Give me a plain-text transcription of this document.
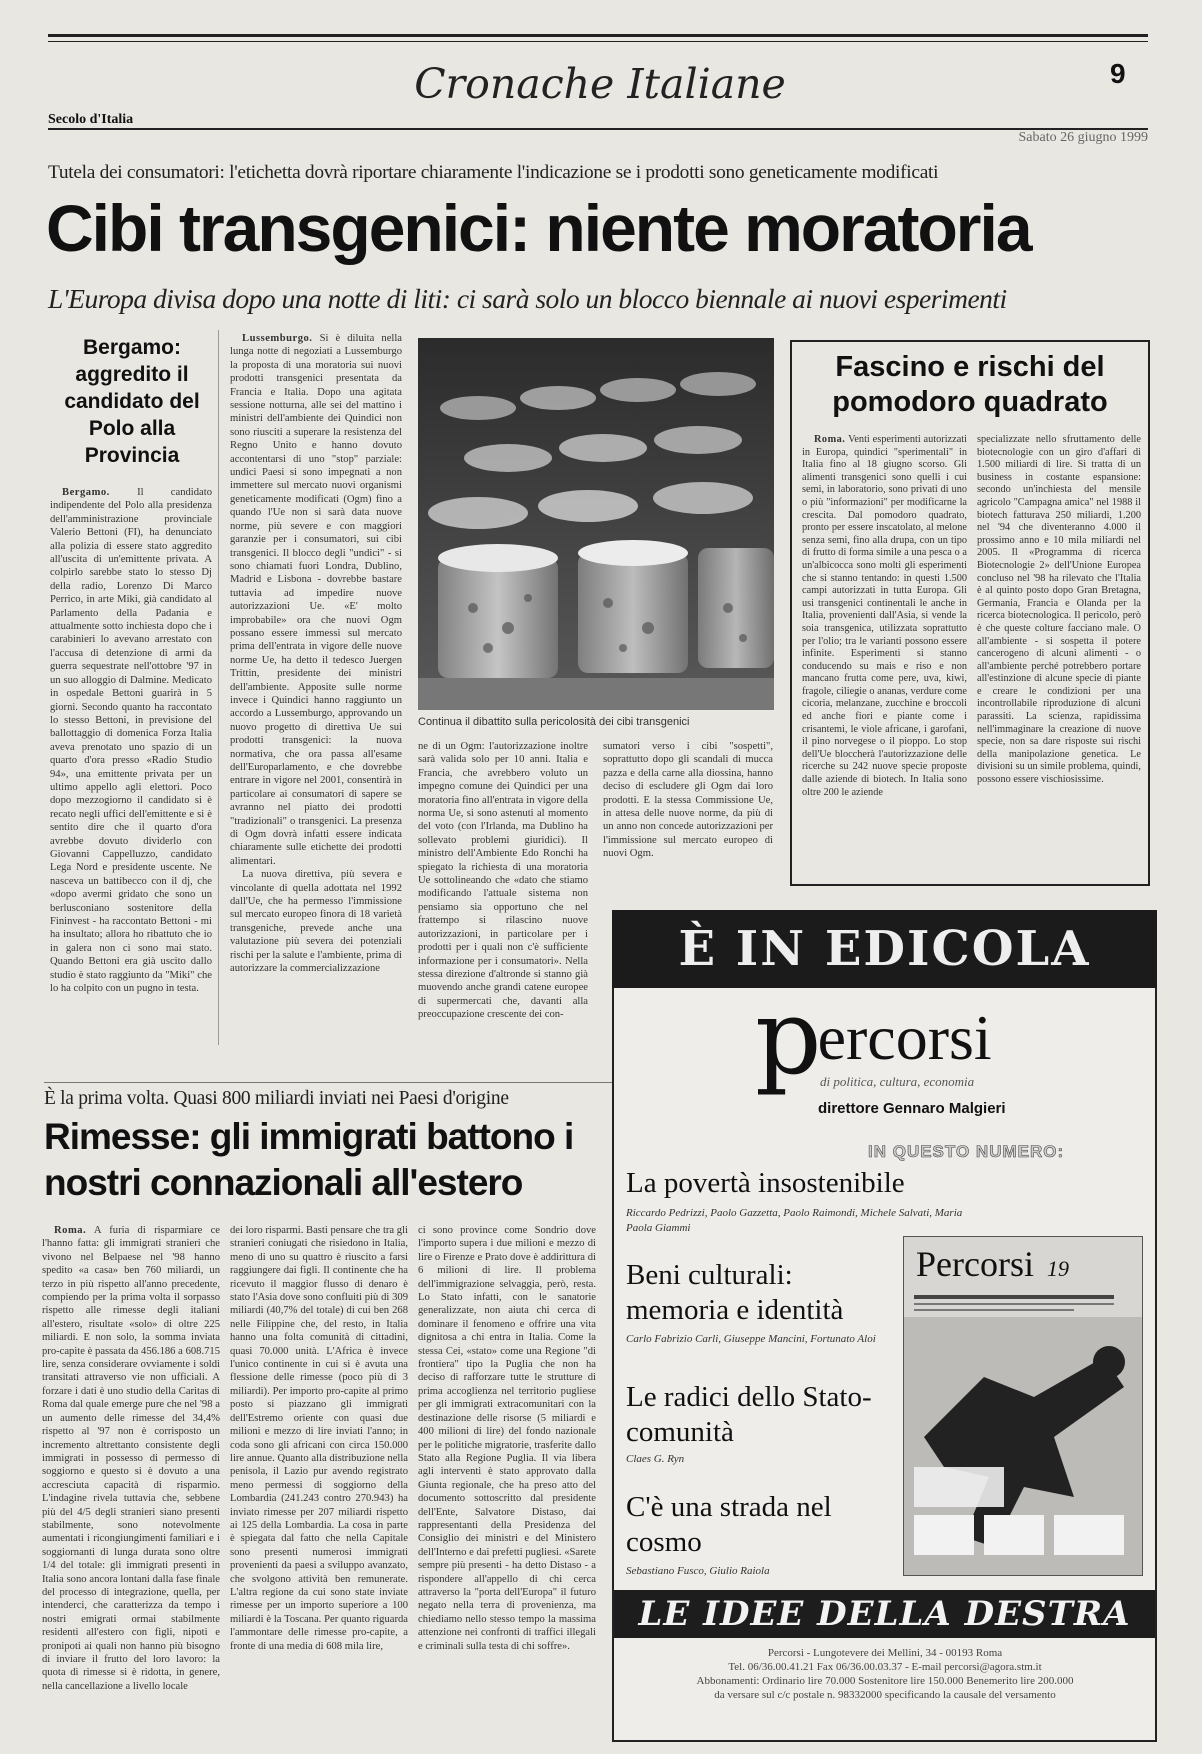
Cronache Italiane	9
Secolo d'Italia
Sabato 26 giugno 1999
Tutela dei consumatori: l'etichetta dovrà riportare chiaramente l'indicazione se i prodotti sono geneticamente modificati
Cibi transgenici: niente moratoria
L'Europa divisa dopo una notte di liti: ci sarà solo un blocco biennale ai nuovi esperimenti
Bergamo: aggredito il candidato del Polo alla Provincia

Bergamo.	Il candidato indipendente del Polo alla presidenza dell'amministrazione provinciale Valerio Bettoni (FI), ha denunciato alla polizia di essere stato aggredito all'uscita di un'emittente privata. A colpirlo sarebbe stato lo stesso Dj della radio, Lorenzo Di Marco Perrico, in arte Miki, già candidato al Parlamento della Padania e attualmente sotto inchiesta dopo che i carabinieri lo avevano arrestato con l'accusa di detenzione di armi da guerra sequestrate nell'ottobre '97 in un suo alloggio di Dalmine. Medicato in ospedale Bettoni guarirà in 5 giorni. Secondo quanto ha raccontato lo stesso Bettoni, in previsione del ballottaggio di domenica Forza Italia aveva prenotato uno spazio di un quarto d'ora presso «Radio Studio 94», una emittente privata per un ultimo appello agli elettori. Poco dopo mezzogiorno il candidato si è recato negli uffici dell'emittente e si è sentito dire che il quarto d'ora avrebbe dovuto dividerlo con Giovanni Cappelluzzo, candidato Lega Nord e presidente uscente. Ne nasceva un battibecco con il dj, che «dopo avermi gridato che sono un berlusconiano sostenitore della Fininvest - ha raccontato Bettoni - mi ha insultato; allora ho ribattuto che io in galera non ci sono mai stato. Quando Bettoni era già uscito dallo studio è stato raggiunto da "Miki" che lo ha colpito con un pugno in testa.

Lussemburgo. Si è diluita nella lunga notte di negoziati a Lussemburgo la proposta di una moratoria sui nuovi prodotti transgenici presentata da Francia e Italia. Dopo una agitata sessione notturna, alle sei del mattino i ministri dell'ambiente dei Quindici non sono riusciti a superare la resistenza del Regno Unito e hanno dovuto accontentarsi di uno "stop" parziale: undici Paesi si sono impegnati a non immettere sul mercato nuovi organismi geneticamente modificati (Ogm) fino a quando l'Ue non si sarà data nuove norme, più severe e con maggiori garanzie per i consumatori, sui cibi transgenici. Il blocco degli "undici" - si sono chiamati fuori Londra, Dublino, Madrid e Lisbona - dovrebbe bastare tuttavia ad impedire nuove autorizzazioni Ue. «E' molto improbabile» ora che nuovi Ogm possano essere immessi sul mercato prima dell'entrata in vigore delle nuove norme Ue, ha detto il tedesco Juergen Trittin, presidente dei ministri dell'ambiente. Apposite sulle norme invece i Quindici hanno raggiunto un accordo a Lussemburgo, approvando un nuovo progetto di direttiva Ue sui prodotti transgenici: la nuova normativa, che ora passa all'esame dell'Europarlamento, e che dovrebbe entrare in vigore nel 2001, consentirà in particolare ai consumatori di sapere se avranno nel piatto dei prodotti "tradizionali" o transgenici. La presenza di Ogm dovrà infatti essere indicata chiaramente sulle etichette dei prodotti alimentari.

La nuova direttiva, più severa e vincolante di quella adottata nel 1992 dall'Ue, che ha permesso l'immissione sul mercato europeo finora di 18 varietà transgeniche, prevede anche una valutazione più severa dei potenziali rischi per la salute e l'ambiente, prima di autorizzare la commercializzazione

Continua il dibattito sulla pericolosità dei cibi transgenici

ne di un Ogm: l'autorizzazione inoltre sarà valida solo per 10 anni. Italia e Francia, che avrebbero voluto un impegno comune dei Quindici per una moratoria fino all'entrata in vigore della norma Ue, si sono astenuti al momento del voto (con l'Irlanda, ma Dublino ha sollevato problemi giuridici). Il ministro dell'Ambiente Edo Ronchi ha spiegato la richiesta di una moratoria Ue sottolineando che «dato che stiamo modificando l'attuale sistema non pensiamo sia opportuno che nel frattempo si rilascino nuove autorizzazioni, in particolare per i prodotti per i quali non c'è sufficiente informazione per i consumatori». Nella stessa direzione d'altronde si stanno già muovendo anche grandi catene europee di supermercati che, davanti alla preoccupazione crescente dei con-

sumatori verso i cibi "sospetti", soprattutto dopo gli scandali di mucca pazza e della carne alla diossina, hanno deciso di escludere gli Ogm dai loro prodotti. E la stessa Commissione Ue, in attesa delle nuove norme, da più di un anno non concede autorizzazioni per l'immissione sul mercato europeo di nuovi Ogm.

Fascino e rischi del pomodoro quadrato

Roma. Venti esperimenti autorizzati in Europa, quindici "sperimentali" in Italia fino al 18 giugno scorso. Gli alimenti transgenici sono quelli i cui semi, in laboratorio, sono privati di uno o più "informazioni" per modificarne la crescita. Dal pomodoro quadrato, pronto per essere inscatolato, al melone senza semi, fino alla drupa, con un tipo di frutto di forma simile a una pesca o a un'albicocca sono molti gli esperimenti che si stanno tentando: in questi 1.500 campi autorizzati in tutta Europa. Gli usi transgenici continentali le anche in Italia, provenienti dall'Asia, si vende la soia transgenica, utilizzata soprattutto per l'olio; tra le varianti possono essere infinite. Esperimenti si stanno conducendo su mais e riso e non mancano frutta come pere, uva, kiwi, fragole, ciliegie o ananas, verdure come cicoria, melanzane, zucchine e broccoli ed anche fiori e piante come i crisantemi, le viole africane, i garofani, il pino norvegese o il pioppo. Lo stop dell'Ue bloccherà l'autorizzazione delle ricerche su 242 nuove specie proposte dalle aziende di biotech. In Italia sono oltre 200 le aziende

specializzate nello sfruttamento delle biotecnologie con un giro d'affari di 1.500 miliardi di lire. Si tratta di un business in costante espansione: secondo un'inchiesta del mensile agricolo "Campagna amica" nel 1988 il biotech fatturava 250 miliardi, 1.200 nel '94 che diventeranno 4.000 il prossimo anno e 10 mila miliardi nel 2005. Il «Programma di ricerca Biotecnologie 2» dell'Unione Europea concluso nel '98 ha rilevato che l'Italia è al quinto posto dopo Gran Bretagna, Germania, Francia e Olanda per la ricerca biotecnologica. Il pericolo, però è che queste colture facciano male. O all'ambiente - si sospetta il potere cancerogeno di alcuni alimenti - o all'ambiente perché potrebbero portare all'estinzione di alcune specie di piante e creare le condizioni per una incontrollabile riproduzione di alcuni parassiti. La scienza, rapidissima nell'immaginare la creazione di nuove specie, non sa dare risposte sui rischi della manipolazione genetica. Le divisioni su un simile problema, quindi, possono essere vischiosissime.

È la prima volta. Quasi 800 miliardi inviati nei Paesi d'origine
Rimesse: gli immigrati battono i nostri connazionali all'estero

Roma. A furia di risparmiare ce l'hanno fatta: gli immigrati stranieri che vivono nel Belpaese nel '98 hanno spedito «a casa» ben 760 miliardi, un terzo in più rispetto all'anno precedente, compiendo per la prima volta il sorpasso rispetto alle rimesse degli italiani all'estero, risultate «solo» di oltre 225 miliardi. E non solo, la somma inviata pro-capite è passata da 456.186 a 608.715 lire, senza considerare ovviamente i soldi transitati attraverso vie non ufficiali. A forzare i dati è uno studio della Caritas di Roma dal quale emerge pure che nel '98 a un aumento delle rimesse del 34,4% rispetto al '97 non è corrisposto un incremento altrettanto consistente degli immigrati in possesso di permesso di soggiorno e questo si è dovuto a una accresciuta capacità di risparmio. L'indagine rivela tuttavia che, sebbene più del 4/5 degli stranieri siano presenti stabilmente, sono notevolmente aumentati i ricongiungimenti familiari e i soggiornanti di lunga durata sono oltre 1/4 del totale: gli immigrati presenti in Italia sono ancora lontani dalla fase finale del processo di integrazione, quella, per intenderci, che caratterizza da tempo i nostri emigrati ormai stabilmente residenti all'estero con figli, nipoti e pronipoti ai quali non hanno più bisogno di inviare il frutto del loro lavoro: la quota di rimesse si è ridotta, in genere, nella cancellazione a livello locale

dei loro risparmi. Basti pensare che tra gli stranieri coniugati che risiedono in Italia, meno di uno su quattro è riuscito a farsi raggiungere dai figli. Il continente che ha ricevuto il maggior flusso di denaro è stato l'Asia dove sono confluiti più di 309 miliardi (40,7% del totale) di cui ben 268 nelle Filippine che, del resto, in Italia hanno una folta comunità di cittadini, quasi 70.000 unità. L'Africa è invece l'unico continente in cui si è avuta una flessione delle rimesse (poco più di 3 miliardi). Per importo pro-capite al primo posto si piazzano gli immigrati dell'Estremo oriente con quasi due milioni e mezzo di lire inviati l'anno; in coda sono gli africani con circa 150.000 lire annue. Quanto alla distribuzione nella penisola, il Lazio pur avendo registrato meno permessi di soggiorno della Lombardia (241.243 contro 270.943) ha inviato rimesse per 207 miliardi rispetto ai 125 della Lombardia. La cosa in parte è spiegata dal fatto che nella Capitale sono presenti numerosi immigrati provenienti da paesi a sviluppo avanzato, che svolgono attività ben remunerate. L'altra regione da cui sono state inviate rimesse per un importo superiore a 100 miliardi è la Toscana. Per quanto riguarda l'ammontare delle rimesse pro-capite, a fronte di una media di 608 mila lire,

ci sono province come Sondrio dove l'importo supera i due milioni e mezzo di lire o Firenze e Prato dove è addirittura di 6 milioni di lire. Il problema dell'immigrazione selvaggia, però, resta. Lo Stato infatti, con le sanatorie generalizzate, non aiuta chi cerca di dominare il fenomeno e offrire una vita dignitosa a chi entra in Italia. Come la stessa Cei, «stato» come una Regione "di frontiera" tipo la Puglia che non ha deciso di rafforzare tutte le strutture di prima accoglienza nel territorio pugliese per gli immigrati extracomunitari con la destinazione delle risorse (5 miliardi e 400 milioni di lire) del fondo nazionale per le politiche migratorie, trasferite dallo Stato alla Regione Puglia. Il via libera agli interventi è stato approvato dalla Giunta regionale, che ha preso atto del documento sottoscritto dal presidente dell'Ente, Salvatore Distaso, dai rappresentanti della Presidenza del Consiglio dei ministri e del Ministero dell'Interno e dai prefetti pugliesi. «Sarete sempre più presenti - ha detto Distaso - a rispondere all'appello di chi cerca attraverso la "porta dell'Europa" il futuro negato nella terra di provenienza, ma chiediamo nello stesso tempo la massima attenzione nei confronti di traffici illegali e criminali sulla testa di chi soffre».

È IN EDICOLA
percorsi
di politica, cultura, economia
direttore Gennaro Malgieri
IN QUESTO NUMERO:
La povertà insostenibile
Riccardo Pedrizzi, Paolo Gazzetta, Paolo Raimondi, Michele Salvati, Maria Paola Giammi
Beni culturali: memoria e identità
Carlo Fabrizio Carli, Giuseppe Mancini, Fortunato Aloi
Le radici dello Stato-comunità
Claes G. Ryn
C'è una strada nel cosmo
Sebastiano Fusco, Giulio Raiola
Percorsi 19
LE IDEE DELLA DESTRA
Percorsi - Lungotevere dei Mellini, 34 - 00193 Roma
Tel. 06/36.00.41.21 Fax 06/36.00.03.37 - E-mail percorsi@agora.stm.it
Abbonamenti: Ordinario lire 70.000 Sostenitore lire 150.000 Benemerito lire 200.000
da versare sul c/c postale n. 98332000 specificando la causale del versamento
